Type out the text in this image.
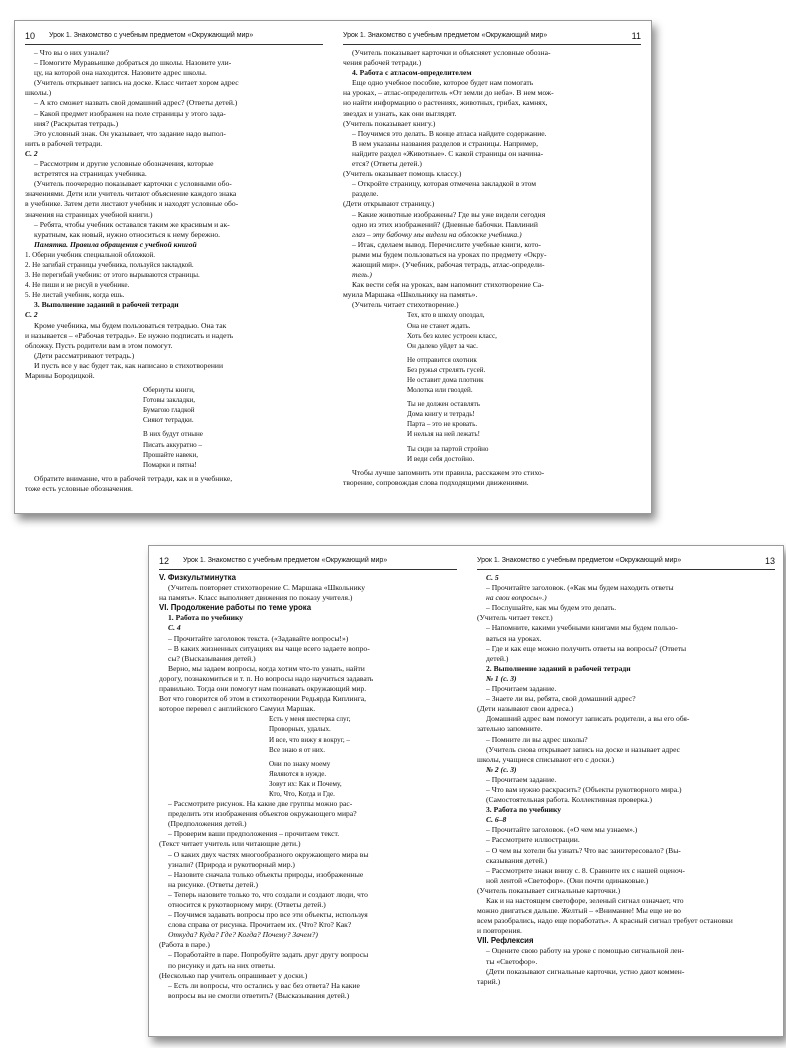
10 Урок 1. Знакомство с учебным предметом «Окружающий мир»
– Что вы о них узнали?
– Помогите Муравьишке добраться до школы. Назовите ули-
цу, на которой она находится. Назовите адрес школы.
(Учитель открывает запись на доске. Класс читает хором адрес
школы.)
– А кто сможет назвать свой домашний адрес? (Ответы детей.)
– Какой предмет изображен на поле страницы у этого зада-
ния? (Раскрытая тетрадь.)
Это условный знак. Он указывает, что задание надо выпол-
нить в рабочей тетради.
С. 2
– Рассмотрим и другие условные обозначения, которые
встретятся на страницах учебника.
(Учитель поочередно показывает карточки с условными обо-
значениями. Дети или учитель читают объяснение каждого знака
в учебнике. Затем дети листают учебник и находят условные обо-
значения на страницах учебной книги.)
– Ребята, чтобы учебник оставался таким же красивым и ак-
куратным, как новый, нужно относиться к нему бережно.
Памятка. Правила обращения с учебной книгой
1. Оберни учебник специальной обложкой.
2. Не загибай страницы учебника, пользуйся закладкой.
3. Не перегибай учебник: от этого вырываются страницы.
4. Не пиши и не рисуй в учебнике.
5. Не листай учебник, когда ешь.
3. Выполнение заданий в рабочей тетради
С. 2
Кроме учебника, мы будем пользоваться тетрадью. Она так
и называется – «Рабочая тетрадь». Ее нужно подписать и надеть
обложку. Пусть родители вам в этом помогут.
(Дети рассматривают тетрадь.)
И пусть все у вас будет так, как написано в стихотворении
Марины Бородицкой.
Обернуты книги,
Готовы закладки,
Бумагою гладкой
Сияют тетрадки.
В них будут отныне
Писать аккуратно –
Прошайте навеки,
Помарки и пятна!
Обратите внимание, что в рабочей тетради, как и в учебнике,
тоже есть условные обозначения.
Урок 1. Знакомство с учебным предметом «Окружающий мир»	11
(Учитель показывает карточки и объясняет условные обозна-
чения рабочей тетради.)
4. Работа с атласом-определителем
Еще одно учебное пособие, которое будет нам помогать
на уроках, – атлас-определитель «От земли до неба». В нем мож-
но найти информацию о растениях, животных, грибах, камнях,
звездах и узнать, как они выглядят.
(Учитель показывает книгу.)
– Поучимся это делать. В конце атласа найдите содержание.
В нем указаны названия разделов и страницы. Например,
найдите раздел «Животные». С какой страницы он начина-
ется? (Ответы детей.)
(Учитель оказывает помощь классу.)
– Откройте страницу, которая отмечена закладкой в этом
разделе.
(Дети открывают страницу.)
– Какие животные изображены? Где вы уже видели сегодня
одно из этих изображений? (Дневные бабочки. Павлиний
глаз – эту бабочку мы видели на обложке учебника.)
– Итак, сделаем вывод. Перечислите учебные книги, кото-
рыми мы будем пользоваться на уроках по предмету «Окру-
жающий мир». (Учебник, рабочая тетрадь, атлас-определи-
тель.)
Как вести себя на уроках, вам напомнит стихотворение Са-
муила Маршака «Школьнику на память».
(Учитель читает стихотворение.)
Тех, кто в школу опоздал,
Она не станет ждать.
Хоть без колес устроен класс,
Он далеко уйдет за час.
Не отправится охотник
Без ружья стрелять гусей.
Не оставит дома плотник
Молотка или гвоздей.
Ты не должен оставлять
Дома книгу и тетрадь!
Парта – это не кровать.
И нельзя на ней лежать!
Ты сиди за партой стройно
И веди себя достойно.
Чтобы лучше запомнить эти правила, расскажем это стихо-
творение, сопровождая слова подходящими движениями.
12 Урок 1. Знакомство с учебным предметом «Окружающий мир»
V. Физкультминутка
(Учитель повторяет стихотворение С. Маршака «Школьнику
на память». Класс выполняет движения по показу учителя.)
VI. Продолжение работы по теме урока
1. Работа по учебнику
С. 4
– Прочитайте заголовок текста. («Задавайте вопросы!»)
– В каких жизненных ситуациях вы чаще всего задаете вопро-
сы? (Высказывания детей.)
Верно, мы задаем вопросы, когда хотим что-то узнать, найти
дорогу, познакомиться и т. п. Но вопросы надо научиться задавать
правильно. Тогда они помогут нам познавать окружающий мир.
Вот что говорится об этом в стихотворении Редьярда Киплинга,
которое перевел с английского Самуил Маршак.
Есть у меня шестерка слуг,
Проворных, удалых.
И все, что вижу я вокруг, –
Все знаю я от них.
Они по знаку моему
Являются в нужде.
Зовут их: Как и Почему,
Кто, Что, Когда и Где.
– Рассмотрите рисунок. На какие две группы можно рас-
пределить эти изображения объектов окружающего мира?
(Предположения детей.)
– Проверим ваши предположения – прочитаем текст.
(Текст читает учитель или читающие дети.)
– О каких двух частях многообразного окружающего мира вы
узнали? (Природа и рукотворный мир.)
– Назовите сначала только объекты природы, изображенные
на рисунке. (Ответы детей.)
– Теперь назовите только то, что создали и создают люди, что
относится к рукотворному миру. (Ответы детей.)
– Поучимся задавать вопросы про все эти объекты, используя
слова справа от рисунка. Прочитаем их. (Что? Кто? Как?
Откуда? Куда? Где? Когда? Почему? Зачем?)
(Работа в паре.)
– Поработайте в паре. Попробуйте задать друг другу вопросы
по рисунку и дать на них ответы.
(Несколько пар учитель опрашивает у доски.)
– Есть ли вопросы, что остались у вас без ответа? На какие
вопросы вы не смогли ответить? (Высказывания детей.)
Урок 1. Знакомство с учебным предметом «Окружающий мир»	13
С. 5
– Прочитайте заголовок. («Как мы будем находить ответы
на свои вопросы».)
– Послушайте, как мы будем это делать.
(Учитель читает текст.)
– Напомните, какими учебными книгами мы будем пользо-
ваться на уроках.
– Где и как еще можно получить ответы на вопросы? (Ответы
детей.)
2. Выполнение заданий в рабочей тетради
№ 1 (с. 3)
– Прочитаем задание.
– Знаете ли вы, ребята, свой домашний адрес?
(Дети называют свои адреса.)
Домашний адрес вам помогут записать родители, а вы его обя-
зательно запомните.
– Помните ли вы адрес школы?
(Учитель снова открывает запись на доске и называет адрес
школы, учащиеся списывают его с доски.)
№ 2 (с. 3)
– Прочитаем задание.
– Что вам нужно раскрасить? (Объекты рукотворного мира.)
(Самостоятельная работа. Коллективная проверка.)
3. Работа по учебнику
С. 6–8
– Прочитайте заголовок. («О чем мы узнаем».)
– Рассмотрите иллюстрации.
– О чем вы хотели бы узнать? Что вас заинтересовало? (Вы-
сказывания детей.)
– Рассмотрите знаки внизу с. 8. Сравните их с нашей оценоч-
ной лентой «Светофор». (Они почти одинаковые.)
(Учитель показывает сигнальные карточки.)
Как и на настоящем светофоре, зеленый сигнал означает, что
можно двигаться дальше. Желтый – «Внимание! Мы еще не во
всем разобрались, надо еще поработать». А красный сигнал требует остановки
и повторения.
VII. Рефлексия
– Оцените свою работу на уроке с помощью сигнальной лен-
ты «Светофор».
(Дети показывают сигнальные карточки, устно дают коммен-
тарий.)
